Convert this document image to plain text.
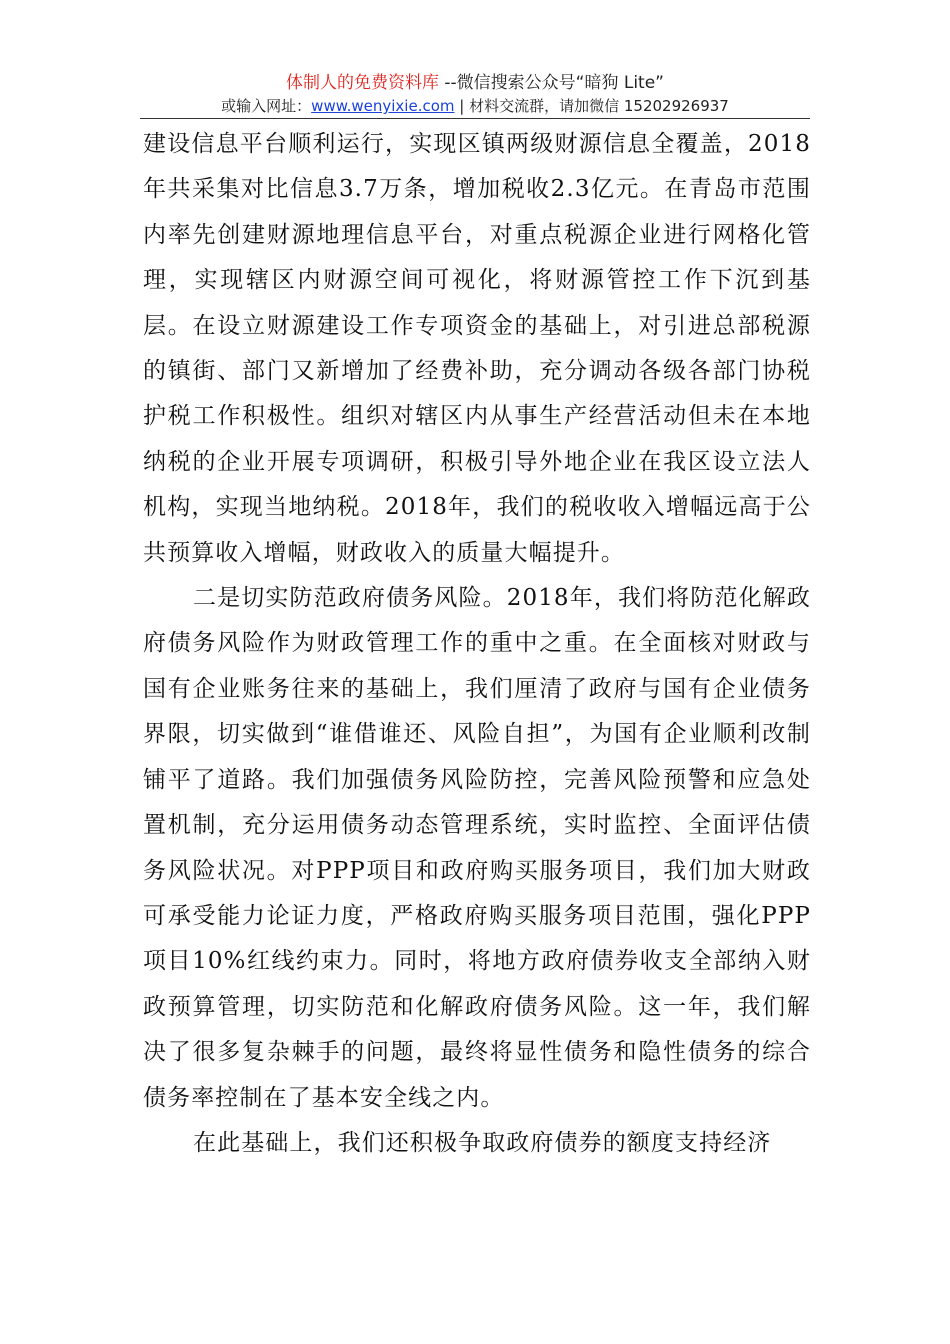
体制人的免费资料库 --微信搜索公众号“暗狗 Lite”
或输入网址：www.wenyixie.com | 材料交流群，请加微信 15202926937

建设信息平台顺利运行，实现区镇两级财源信息全覆盖，2018年共采集对比信息3.7万条，增加税收2.3亿元。在青岛市范围内率先创建财源地理信息平台，对重点税源企业进行网格化管理，实现辖区内财源空间可视化，将财源管控工作下沉到基层。在设立财源建设工作专项资金的基础上，对引进总部税源的镇街、部门又新增加了经费补助，充分调动各级各部门协税护税工作积极性。组织对辖区内从事生产经营活动但未在本地纳税的企业开展专项调研，积极引导外地企业在我区设立法人机构，实现当地纳税。2018年，我们的税收收入增幅远高于公共预算收入增幅，财政收入的质量大幅提升。

二是切实防范政府债务风险。2018年，我们将防范化解政府债务风险作为财政管理工作的重中之重。在全面核对财政与国有企业账务往来的基础上，我们厘清了政府与国有企业债务界限，切实做到“谁借谁还、风险自担”，为国有企业顺利改制铺平了道路。我们加强债务风险防控，完善风险预警和应急处置机制，充分运用债务动态管理系统，实时监控、全面评估债务风险状况。对PPP项目和政府购买服务项目，我们加大财政可承受能力论证力度，严格政府购买服务项目范围，强化PPP项目10%红线约束力。同时，将地方政府债券收支全部纳入财政预算管理，切实防范和化解政府债务风险。这一年，我们解决了很多复杂棘手的问题，最终将显性债务和隐性债务的综合债务率控制在了基本安全线之内。

在此基础上，我们还积极争取政府债券的额度支持经济
